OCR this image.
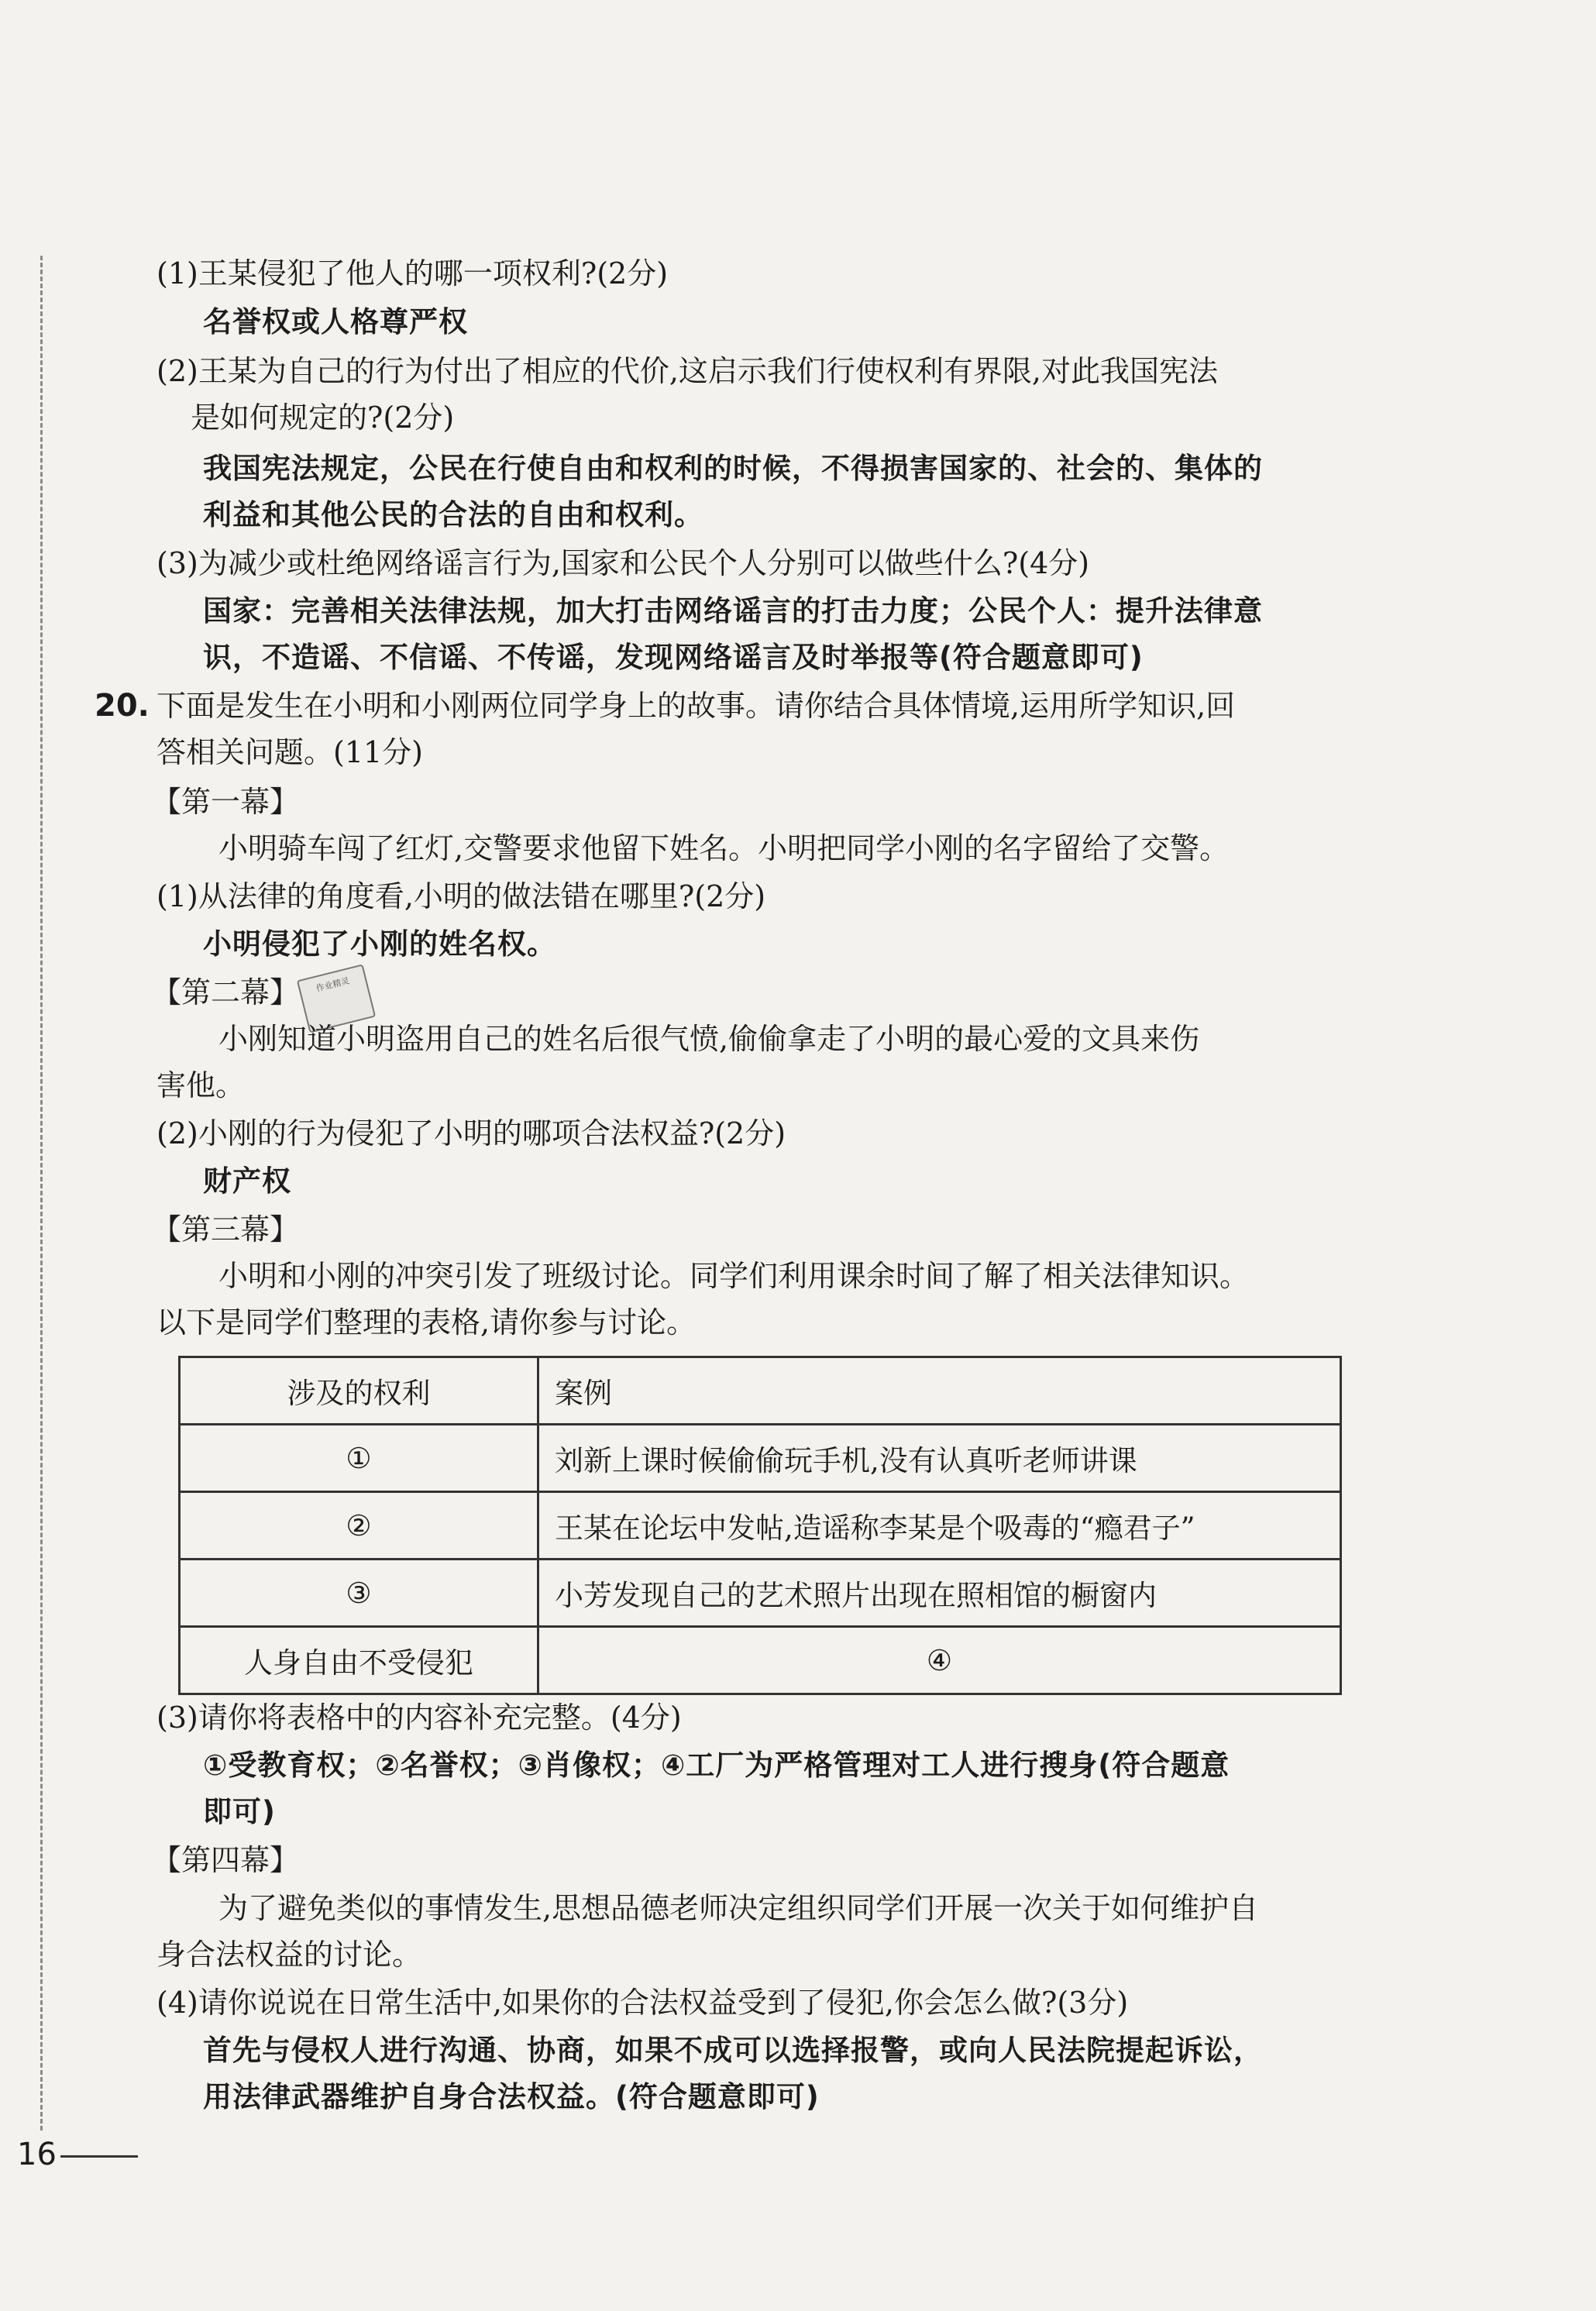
(1)王某侵犯了他人的哪一项权利?(2分)
名誉权或人格尊严权
(2)王某为自己的行为付出了相应的代价,这启示我们行使权利有界限,对此我国宪法
是如何规定的?(2分)
我国宪法规定，公民在行使自由和权利的时候，不得损害国家的、社会的、集体的
利益和其他公民的合法的自由和权利。
(3)为减少或杜绝网络谣言行为,国家和公民个人分别可以做些什么?(4分)
国家：完善相关法律法规，加大打击网络谣言的打击力度；公民个人：提升法律意
识，不造谣、不信谣、不传谣，发现网络谣言及时举报等(符合题意即可)
20. 下面是发生在小明和小刚两位同学身上的故事。请你结合具体情境,运用所学知识,回
答相关问题。(11分)
【第一幕】
小明骑车闯了红灯,交警要求他留下姓名。小明把同学小刚的名字留给了交警。
(1)从法律的角度看,小明的做法错在哪里?(2分)
小明侵犯了小刚的姓名权。
作业精灵
【第二幕】
小刚知道小明盗用自己的姓名后很气愤,偷偷拿走了小明的最心爱的文具来伤
害他。
(2)小刚的行为侵犯了小明的哪项合法权益?(2分)
财产权
【第三幕】
小明和小刚的冲突引发了班级讨论。同学们利用课余时间了解了相关法律知识。
以下是同学们整理的表格,请你参与讨论。
涉及的权利	案例
①	刘新上课时候偷偷玩手机,没有认真听老师讲课
②	王某在论坛中发帖,造谣称李某是个吸毒的“瘾君子”
③	小芳发现自己的艺术照片出现在照相馆的橱窗内
人身自由不受侵犯	④
(3)请你将表格中的内容补充完整。(4分)
①受教育权；②名誉权；③肖像权；④工厂为严格管理对工人进行搜身(符合题意
即可)
【第四幕】
为了避免类似的事情发生,思想品德老师决定组织同学们开展一次关于如何维护自
身合法权益的讨论。
(4)请你说说在日常生活中,如果你的合法权益受到了侵犯,你会怎么做?(3分)
首先与侵权人进行沟通、协商，如果不成可以选择报警，或向人民法院提起诉讼，
用法律武器维护自身合法权益。(符合题意即可)
16
